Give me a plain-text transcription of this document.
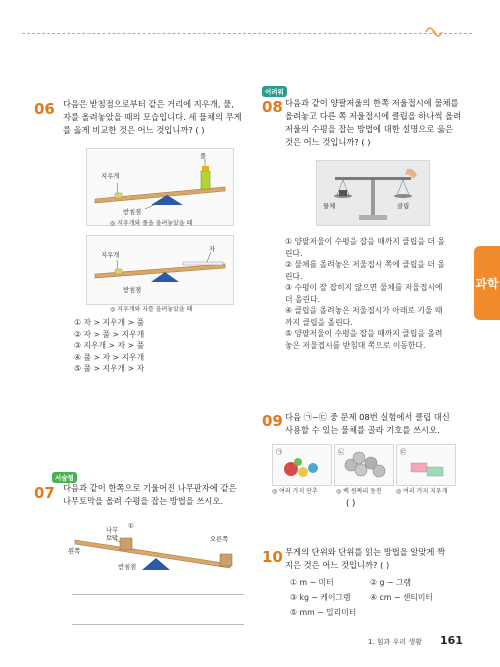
06 다음은 받침점으로부터 같은 거리에 지우개, 풀,
자를 올려놓았을 때의 모습입니다. 세 물체의 무게
를 옳게 비교한 것은 어느 것입니까? ( )
지우개
풀
받침점
◎ 지우개와 풀을 올려놓았을 때
지우개
자
받침점
◎ 지우개와 자를 올려놓았을 때
① 자 > 지우개 > 풀
② 자 > 풀 > 지우개
③ 지우개 > 자 > 풀
④ 풀 > 자 > 지우개
⑤ 풀 > 지우개 > 자
서술형
07 다음과 같이 한쪽으로 기울어진 나무판자에 같은
나무토막을 올려 수평을 잡는 방법을 쓰시오.
나무
토막
①
왼쪽
오른쪽
받침점
어려워
08 다음과 같이 양팔저울의 한쪽 저울접시에 물체를
올려놓고 다른 쪽 저울접시에 클립을 하나씩 올려
저울의 수평을 잡는 방법에 대한 설명으로 옳은
것은 어느 것입니까? ( )
물체	클립
① 양팔저울이 수평을 잡을 때까지 클립을 더 올
린다.
② 물체를 올려놓은 저울접시 쪽에 클립을 더 올
린다.
③ 수평이 잘 잡히지 않으면 물체를 저울접시에
더 올린다.
④ 클립을 올려놓은 저울접시가 아래로 기울 때
까지 클립을 올린다.
⑤ 양팔저울이 수평을 잡을 때까지 클립을 올려
놓은 저울접시를 받침대 쪽으로 이동한다.
과학
09 다음 ㉠~㉢ 중 문제 08번 실험에서 클립 대신
사용할 수 있는 물체를 골라 기호를 쓰시오.
㉠	㉡	㉢
◎ 여러 가지 단추	◎ 백 원짜리 동전 ◎ 여러 가지 지우개
( )
10 무게의 단위와 단위를 읽는 방법을 알맞게 짝
지은 것은 어느 것입니까? ( )
① m − 미터	② g − 그램
③ kg − 케이그램 ④ cm − 센티미터
⑤ mm − 밀리미터
1. 힘과 우리 생활 161
